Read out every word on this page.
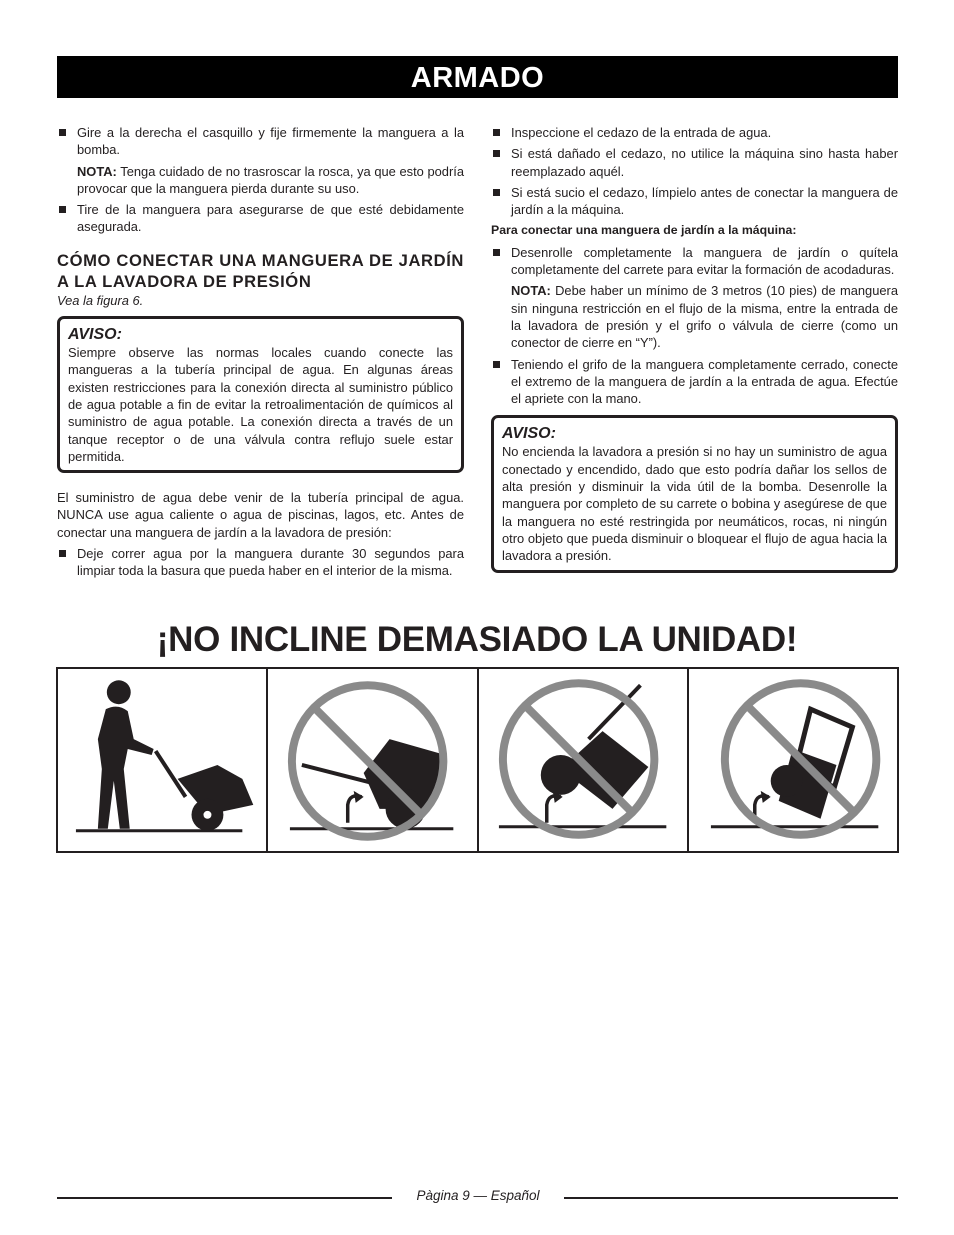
ARMADO
Gire a la derecha el casquillo y fije firmemente la manguera a la bomba.
NOTA: Tenga cuidado de no trasroscar la rosca, ya que esto podría provocar que la manguera pierda durante su uso.
Tire de la manguera para asegurarse de que esté debidamente asegurada.
CÓMO CONECTAR UNA MANGUERA DE JARDÍN A LA LAVADORA DE PRESIÓN
Vea la figura 6.
AVISO:
Siempre observe las normas locales cuando conecte las mangueras a la tubería principal de agua. En algunas áreas existen restricciones para la conexión directa al suministro público de agua potable a fin de evitar la retroalimentación de químicos al suministro de agua potable. La conexión directa a través de un tanque receptor o de una válvula contra reflujo suele estar permitida.

El suministro de agua debe venir de la tubería principal de agua. NUNCA use agua caliente o agua de piscinas, lagos, etc. Antes de conectar una manguera de jardín a la lavadora de presión:

Deje correr agua por la manguera durante 30 segundos para limpiar toda la basura que pueda haber en el interior de la misma.
Inspeccione el cedazo de la entrada de agua.
Si está dañado el cedazo, no utilice la máquina sino hasta haber reemplazado aquél.
Si está sucio el cedazo, límpielo antes de conectar la manguera de jardín a la máquina.
Para conectar una manguera de jardín a la máquina:
Desenrolle completamente la manguera de jardín o quítela completamente del carrete para evitar la formación de acodaduras.
NOTA: Debe haber un mínimo de 3 metros (10 pies) de manguera sin ninguna restricción en el flujo de la misma, entre la entrada de la lavadora de presión y el grifo o válvula de cierre (como un conector de cierre en “Y”).
Teniendo el grifo de la manguera completamente cerrado, conecte el extremo de la manguera de jardín a la entrada de agua. Efectúe el apriete con la mano.
AVISO:
No encienda la lavadora a presión si no hay un suministro de agua conectado y encendido, dado que esto podría dañar los sellos de alta presión y disminuir la vida útil de la bomba. Desenrolle la manguera por completo de su carrete o bobina y asegúrese de que la manguera no esté restringida por neumáticos, rocas, ni ningún otro objeto que pueda disminuir o bloquear el flujo de agua hacia la lavadora a presión.
¡NO INCLINE DEMASIADO LA UNIDAD!
Pàgina 9 — Español
